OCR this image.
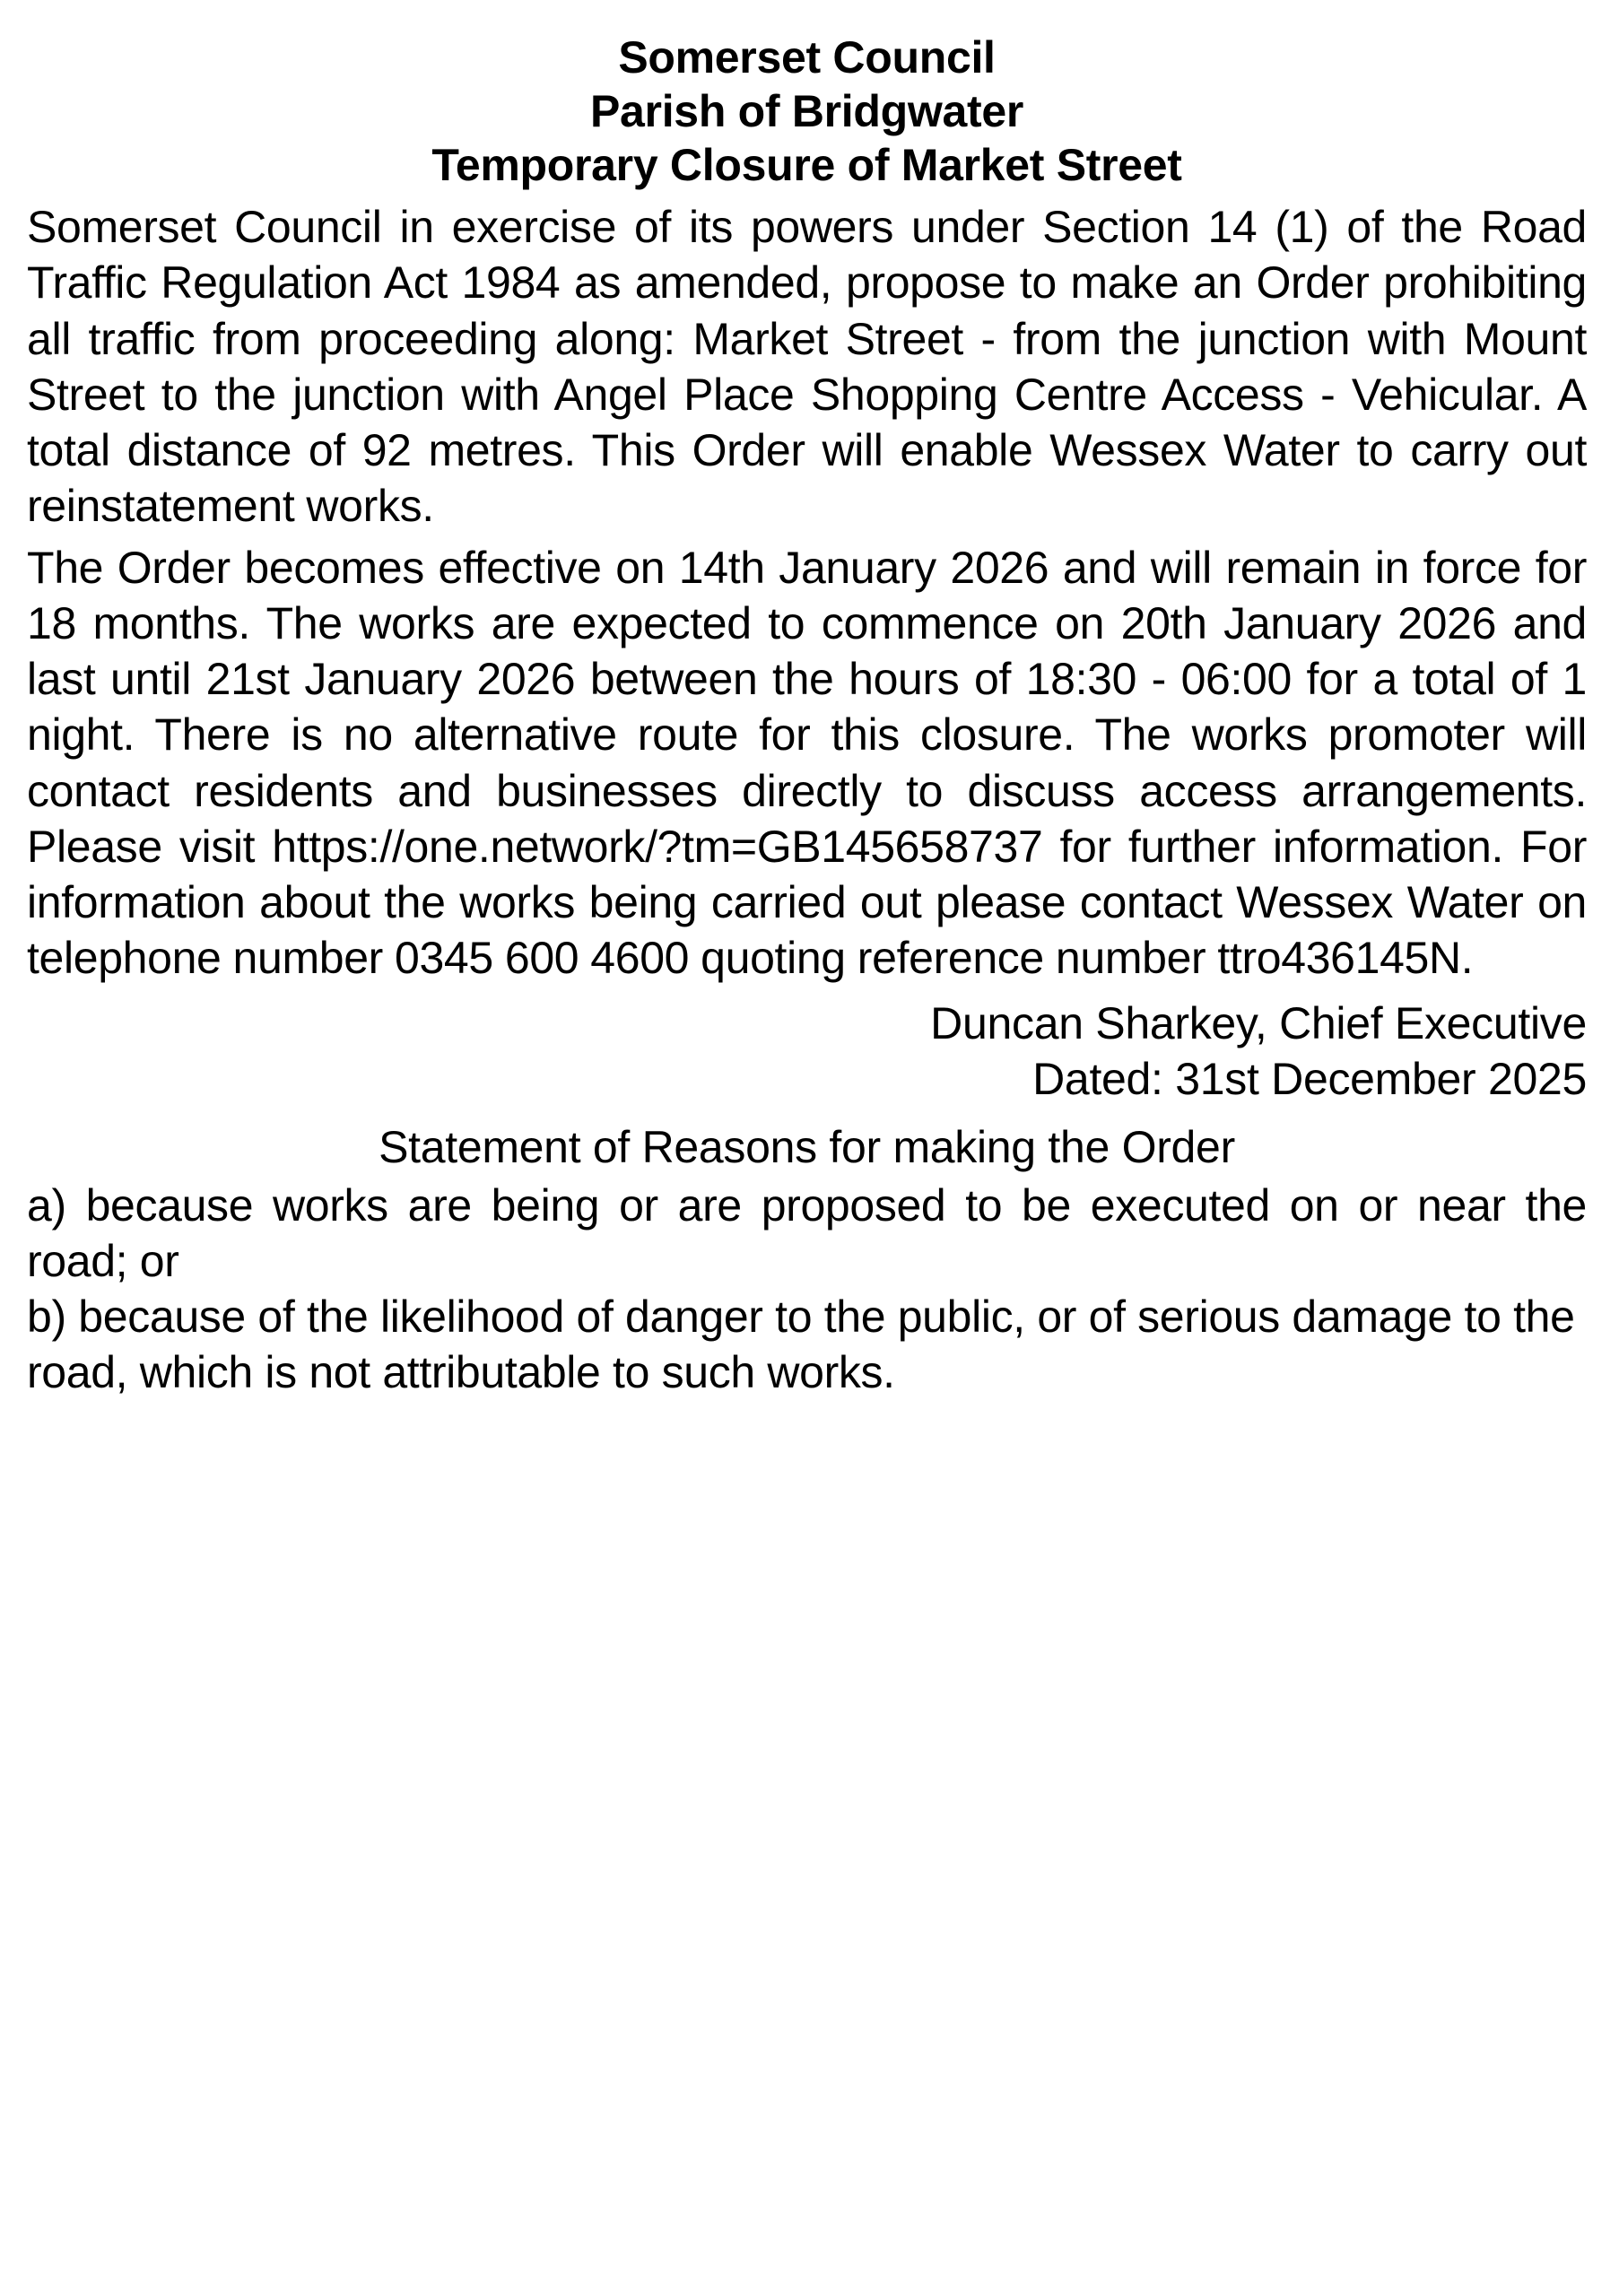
Somerset Council
Parish of Bridgwater
Temporary Closure of Market Street

Somerset Council in exercise of its powers under Section 14 (1) of the Road Traffic Regulation Act 1984 as amended, propose to make an Order prohibiting all traffic from proceeding along: Market Street - from the junction with Mount Street to the junction with Angel Place Shopping Centre Access - Vehicular. A total distance of 92 metres. This Order will enable Wessex Water to carry out reinstatement works.

The Order becomes effective on 14th January 2026 and will remain in force for 18 months. The works are expected to commence on 20th January 2026 and last until 21st January 2026 between the hours of 18:30 - 06:00 for a total of 1 night. There is no alternative route for this closure. The works promoter will contact residents and businesses directly to discuss access arrangements. Please visit https://one.network/?tm=GB145658737 for further information. For information about the works being carried out please contact Wessex Water on telephone number 0345 600 4600 quoting reference number ttro436145N.

Duncan Sharkey, Chief Executive
Dated: 31st December 2025
Statement of Reasons for making the Order
a) because works are being or are proposed to be executed on or near the road; or
b) because of the likelihood of danger to the public, or of serious damage to the road, which is not attributable to such works.
